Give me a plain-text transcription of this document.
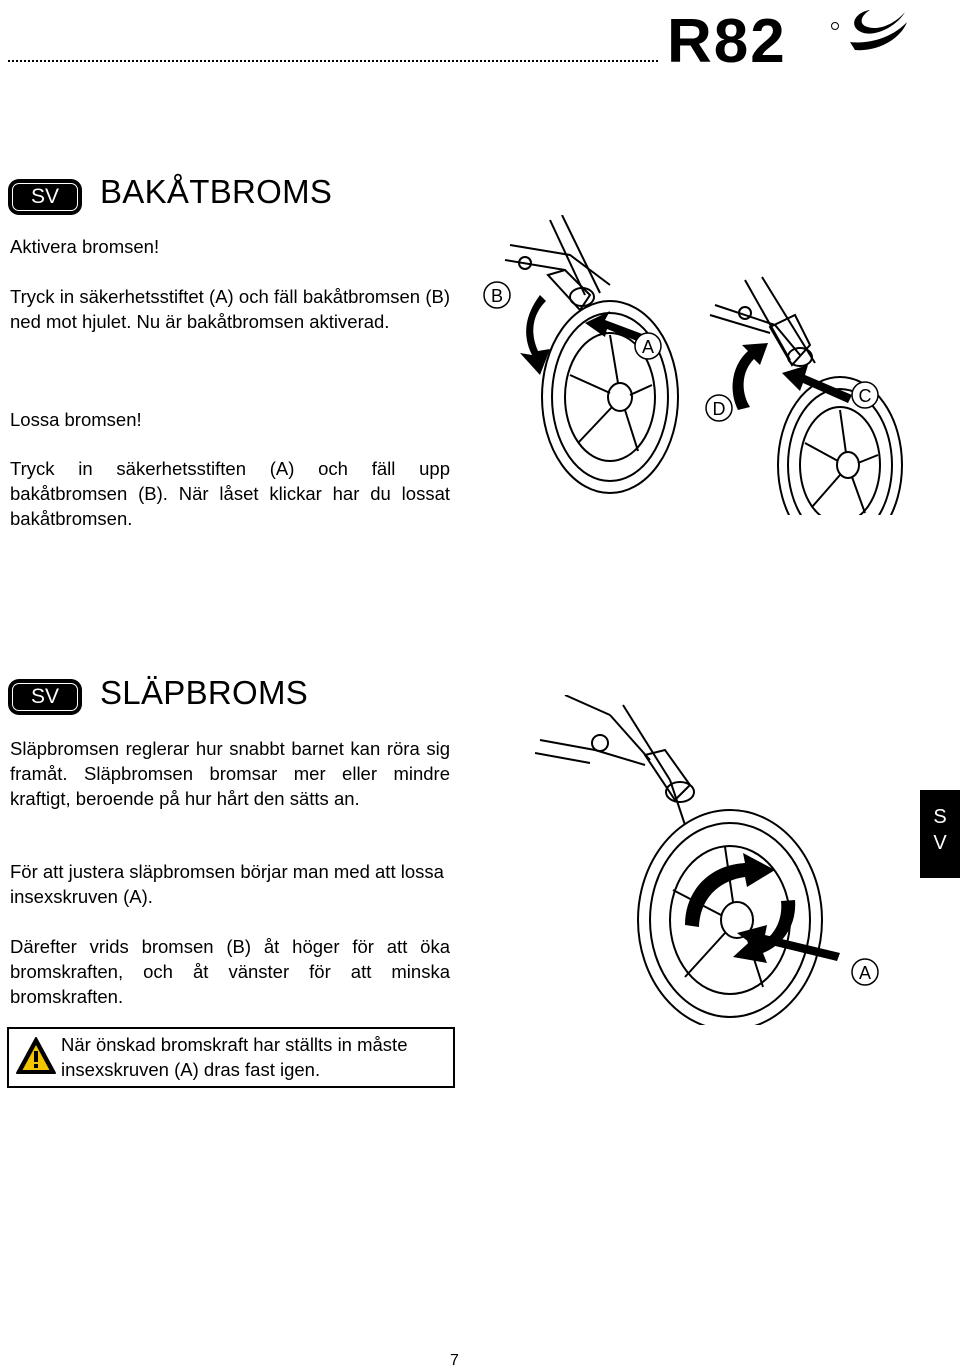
R82
SV	BAKÅTBROMS
Aktivera bromsen!
Tryck in säkerhetsstiftet (A) och fäll bakåtbromsen (B) ned mot hjulet. Nu är bakåtbromsen aktiverad.
Lossa bromsen!
Tryck in säkerhetsstiften (A) och fäll upp bakåtbromsen (B). När låset klickar har du lossat bakåtbromsen.
B
A
D
C
SV	SLÄPBROMS
Släpbromsen reglerar hur snabbt barnet kan röra sig framåt. Släpbromsen bromsar mer eller mindre kraftigt, beroende på hur hårt den sätts an.
För att justera släpbromsen börjar man med att lossa insexskruven (A).
Därefter vrids bromsen (B) åt höger för att öka bromskraften, och åt vänster för att minska bromskraften.
A
S
V
När önskad bromskraft har ställts in måste insexskruven (A) dras fast igen.
7
